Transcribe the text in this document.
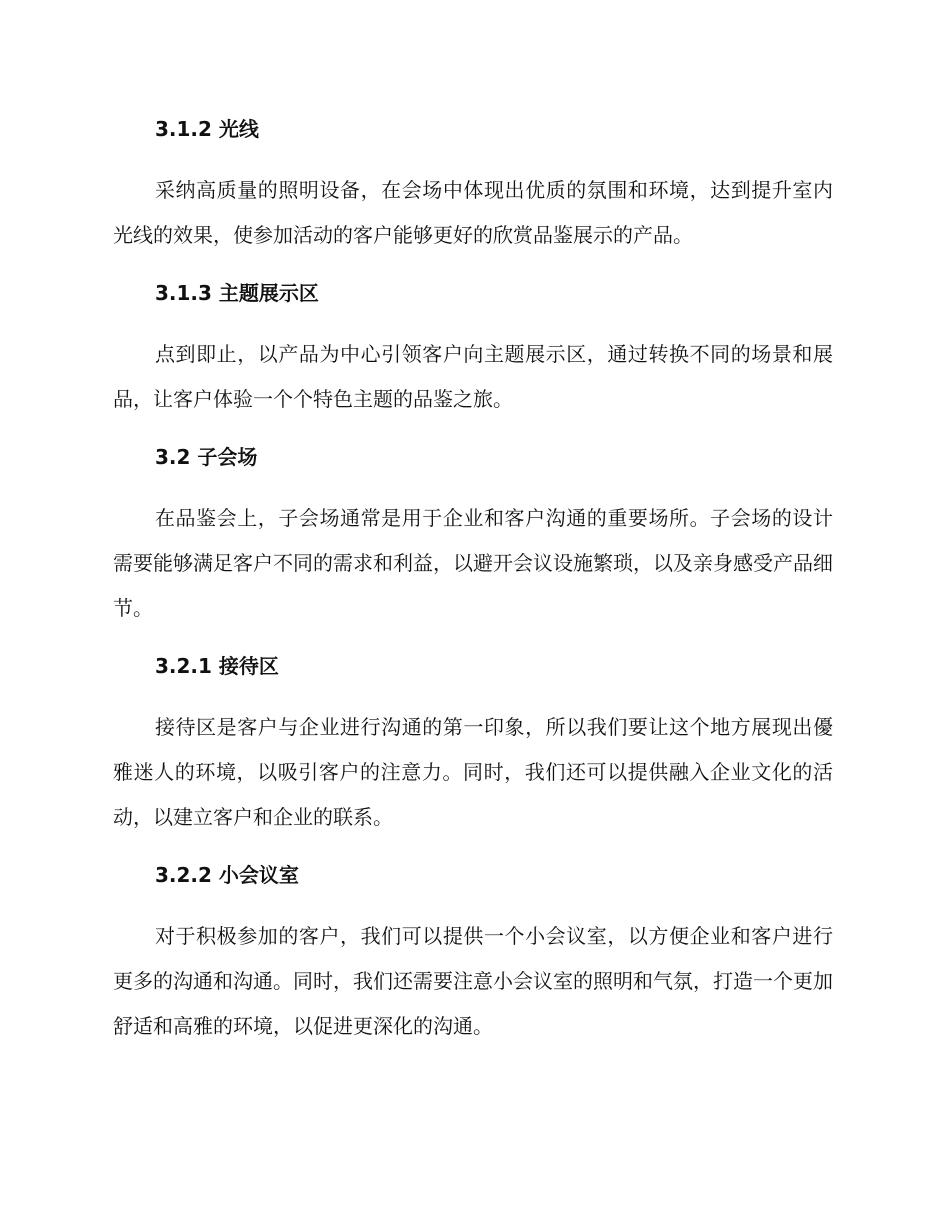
3.1.2 光线

采纳高质量的照明设备，在会场中体现出优质的氛围和环境，达到提升室内光线的效果，使参加活动的客户能够更好的欣赏品鉴展示的产品。

3.1.3 主题展示区

点到即止，以产品为中心引领客户向主题展示区，通过转换不同的场景和展品，让客户体验一个个特色主题的品鉴之旅。

3.2 子会场

在品鉴会上，子会场通常是用于企业和客户沟通的重要场所。子会场的设计需要能够满足客户不同的需求和利益，以避开会议设施繁琐，以及亲身感受产品细节。

3.2.1 接待区

接待区是客户与企业进行沟通的第一印象，所以我们要让这个地方展现出優雅迷人的环境，以吸引客户的注意力。同时，我们还可以提供融入企业文化的活动，以建立客户和企业的联系。

3.2.2 小会议室

对于积极参加的客户，我们可以提供一个小会议室，以方便企业和客户进行更多的沟通和沟通。同时，我们还需要注意小会议室的照明和气氛，打造一个更加舒适和高雅的环境，以促进更深化的沟通。
